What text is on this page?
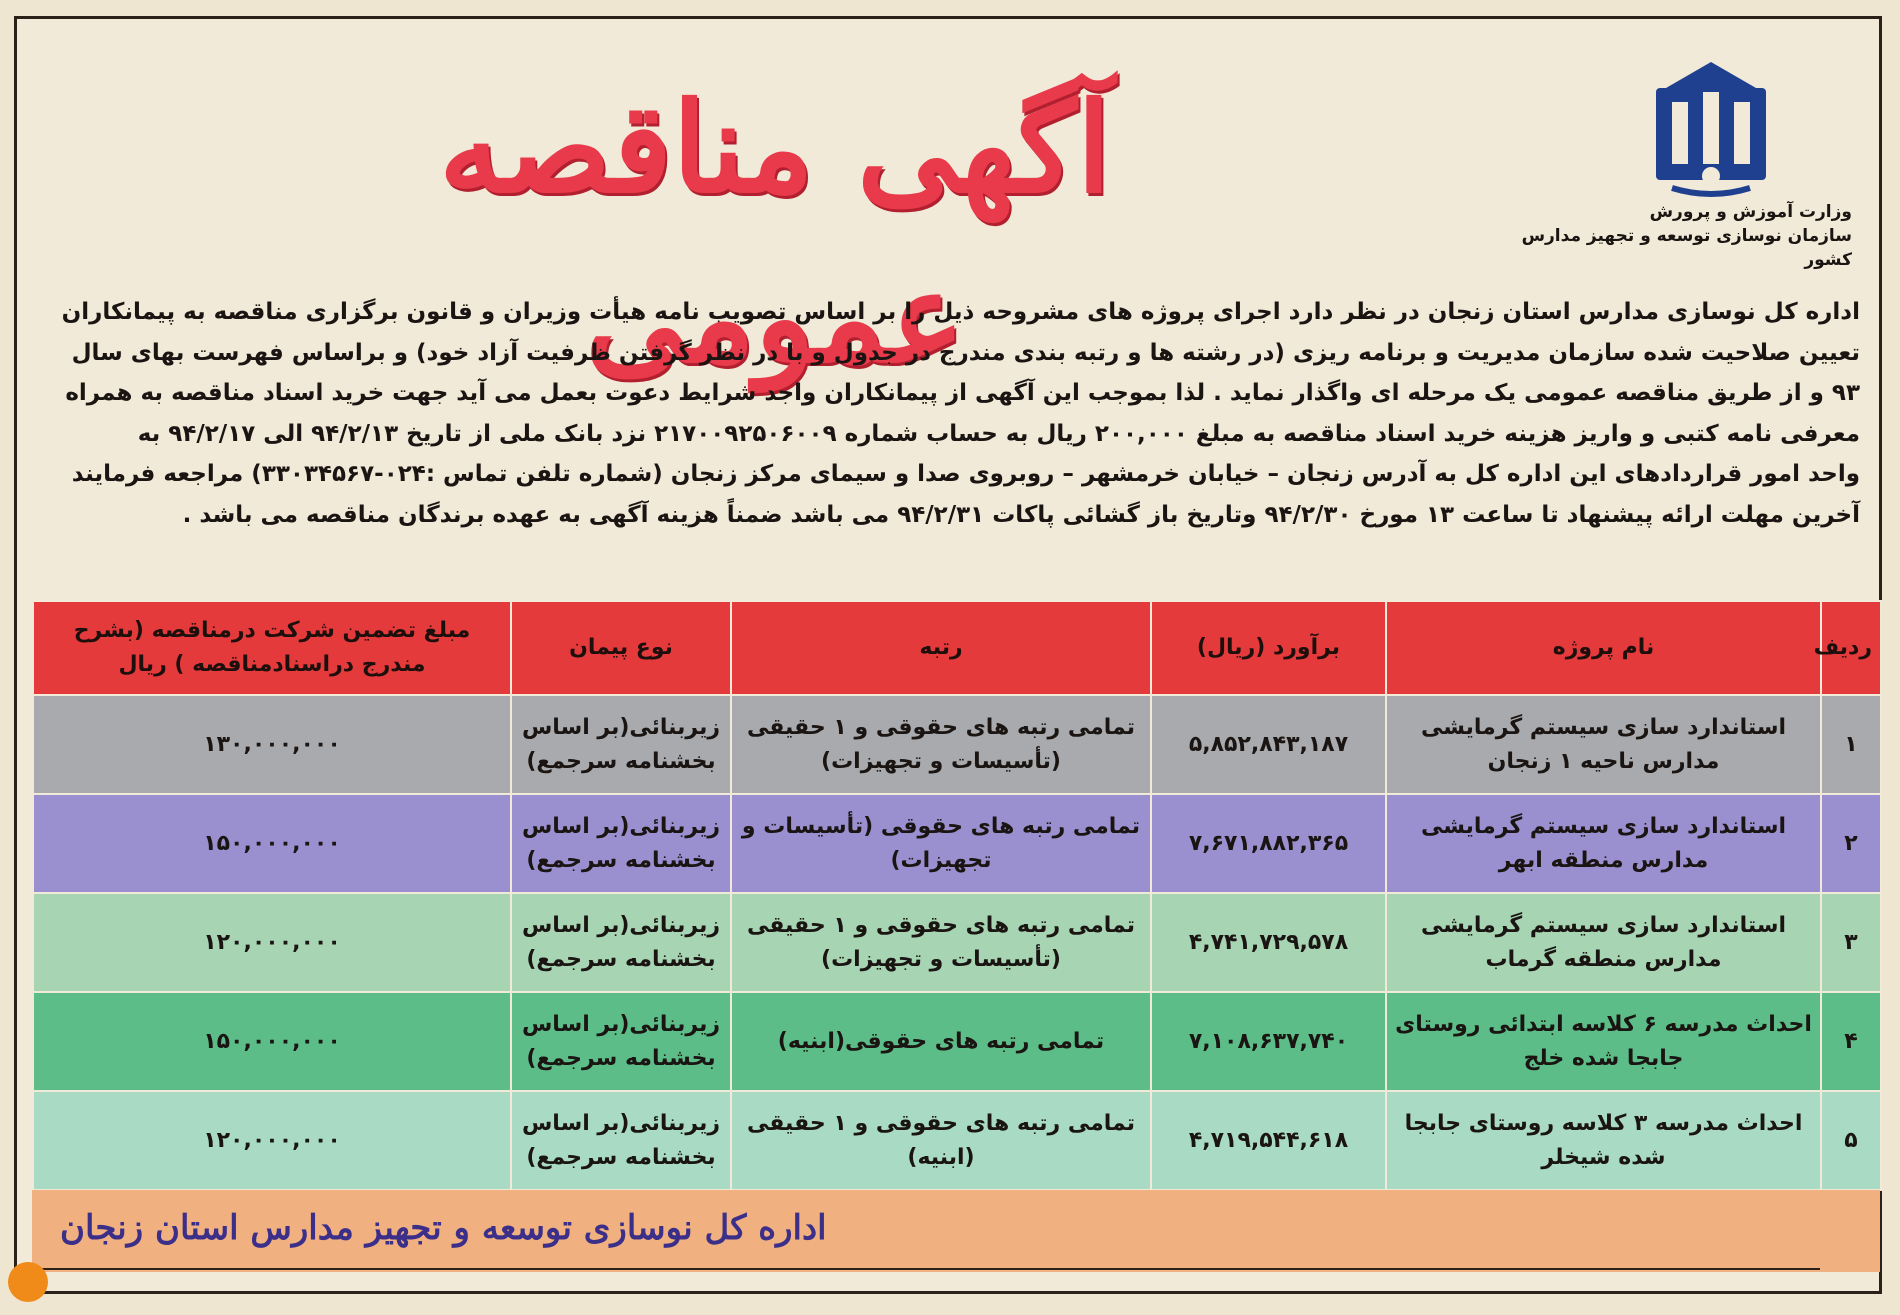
وزارت آموزش و پرورش
سازمان نوسازی توسعه و تجهیز مدارس کشور
آگهی مناقصه عمومی

اداره کل نوسازی مدارس استان زنجان در نظر دارد اجرای پروژه های مشروحه ذیل را بر اساس تصویب نامه هیأت وزیران و قانون برگزاری مناقصه به پیمانکاران

تعیین صلاحیت شده سازمان مدیریت و برنامه ریزی (در رشته ها و رتبه بندی مندرج در جدول و با در نظر گرفتن ظرفیت آزاد خود) و براساس فهرست بهای سال

۹۳ و از طریق مناقصه عمومی یک مرحله ای واگذار نماید . لذا بموجب این آگهی از پیمانکاران واجد شرایط دعوت بعمل می آید جهت خرید اسناد مناقصه به همراه

معرفی نامه کتبی و واریز هزینه خرید اسناد مناقصه به مبلغ ۲۰۰,۰۰۰ ریال به حساب شماره ۲۱۷۰۰۹۲۵۰۶۰۰۹ نزد بانک ملی از تاریخ ۹۴/۲/۱۳ الی ۹۴/۲/۱۷ به

واحد امور قراردادهای این اداره کل به آدرس زنجان – خیابان خرمشهر – روبروی صدا و سیمای مرکز زنجان (شماره تلفن تماس :۰۲۴-۳۳۰۳۴۵۶۷) مراجعه فرمایند

آخرین مهلت ارائه پیشنهاد تا ساعت ۱۳ مورخ ۹۴/۲/۳۰ وتاریخ باز گشائی پاکات ۹۴/۲/۳۱ می باشد ضمناً هزینه آگهی به عهده برندگان مناقصه می باشد .

ردیف	نام پروژه	برآورد (ریال)	رتبه	نوع پیمان	مبلغ تضمین شرکت درمناقصه (بشرح مندرج دراسنادمناقصه ) ریال
۱	استاندارد سازی سیستم گرمایشی مدارس ناحیه ۱ زنجان	۵,۸۵۲,۸۴۳,۱۸۷	تمامی رتبه های حقوقی و ۱ حقیقی (تأسیسات و تجهیزات)	زیربنائی(بر اساس بخشنامه سرجمع)	۱۳۰,۰۰۰,۰۰۰
۲	استاندارد سازی سیستم گرمایشی مدارس منطقه ابهر	۷,۶۷۱,۸۸۲,۳۶۵	تمامی رتبه های حقوقی (تأسیسات و تجهیزات)	زیربنائی(بر اساس بخشنامه سرجمع)	۱۵۰,۰۰۰,۰۰۰
۳	استاندارد سازی سیستم گرمایشی مدارس منطقه گرماب	۴,۷۴۱,۷۲۹,۵۷۸	تمامی رتبه های حقوقی و ۱ حقیقی (تأسیسات و تجهیزات)	زیربنائی(بر اساس بخشنامه سرجمع)	۱۲۰,۰۰۰,۰۰۰
۴	احداث مدرسه ۶ کلاسه ابتدائی روستای جابجا شده خلج	۷,۱۰۸,۶۳۷,۷۴۰	تمامی رتبه های حقوقی(ابنیه)	زیربنائی(بر اساس بخشنامه سرجمع)	۱۵۰,۰۰۰,۰۰۰
۵	احداث مدرسه ۳ کلاسه روستای جابجا شده شیخلر	۴,۷۱۹,۵۴۴,۶۱۸	تمامی رتبه های حقوقی و ۱ حقیقی (ابنیه)	زیربنائی(بر اساس بخشنامه سرجمع)	۱۲۰,۰۰۰,۰۰۰
اداره کل نوسازی توسعه و تجهیز مدارس استان زنجان
